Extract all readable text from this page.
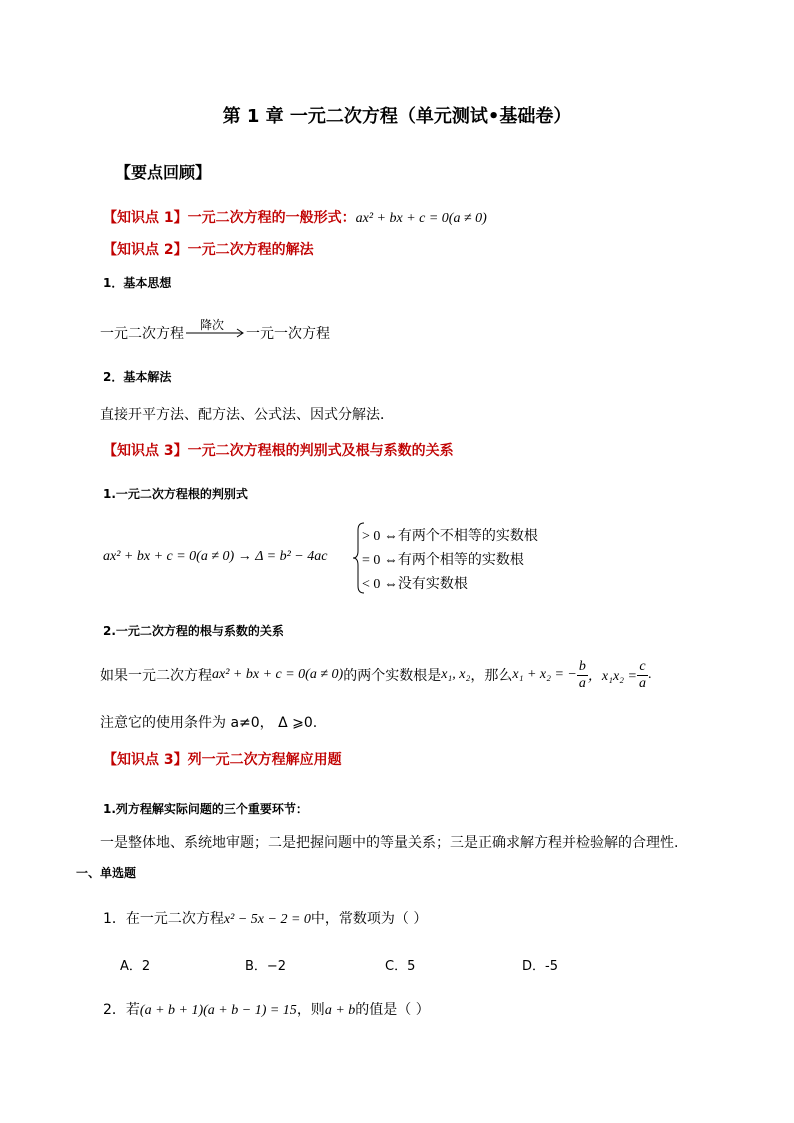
第 1 章 一元二次方程（单元测试•基础卷）
【要点回顾】
【知识点 1】一元二次方程的一般形式：ax² + bx + c = 0(a ≠ 0)
【知识点 2】一元二次方程的解法
1．基本思想
一元二次方程
降次
一元一次方程
2．基本解法
直接开平方法、配方法、公式法、因式分解法．
【知识点 3】一元二次方程根的判别式及根与系数的关系
1.一元二次方程根的判别式
ax² + bx + c = 0(a ≠ 0) → Δ = b² − 4ac
> 0 ⇔有两个不相等的实数根
= 0 ⇔有两个相等的实数根
< 0 ⇔没有实数根
2.一元二次方程的根与系数的关系
如果一元二次方程 ax² + bx + c = 0(a ≠ 0) 的两个实数根是 x₁, x₂ ，那么 x₁ + x₂ = − $\frac{b}{a}$ ，$x_1x_2 = \frac{c}{a}$ .
注意它的使用条件为 a≠0， Δ ⩾0.
【知识点 3】列一元二次方程解应用题
1.列方程解实际问题的三个重要环节：
一是整体地、系统地审题；二是把握问题中的等量关系；三是正确求解方程并检验解的合理性.
一、单选题
1．在一元二次方程x² − 5x − 2 = 0中，常数项为（ ）
A．2	B．−2	C．5	D．-5
2．若(a + b + 1)(a + b − 1) = 15，则a + b的值是（ ）
